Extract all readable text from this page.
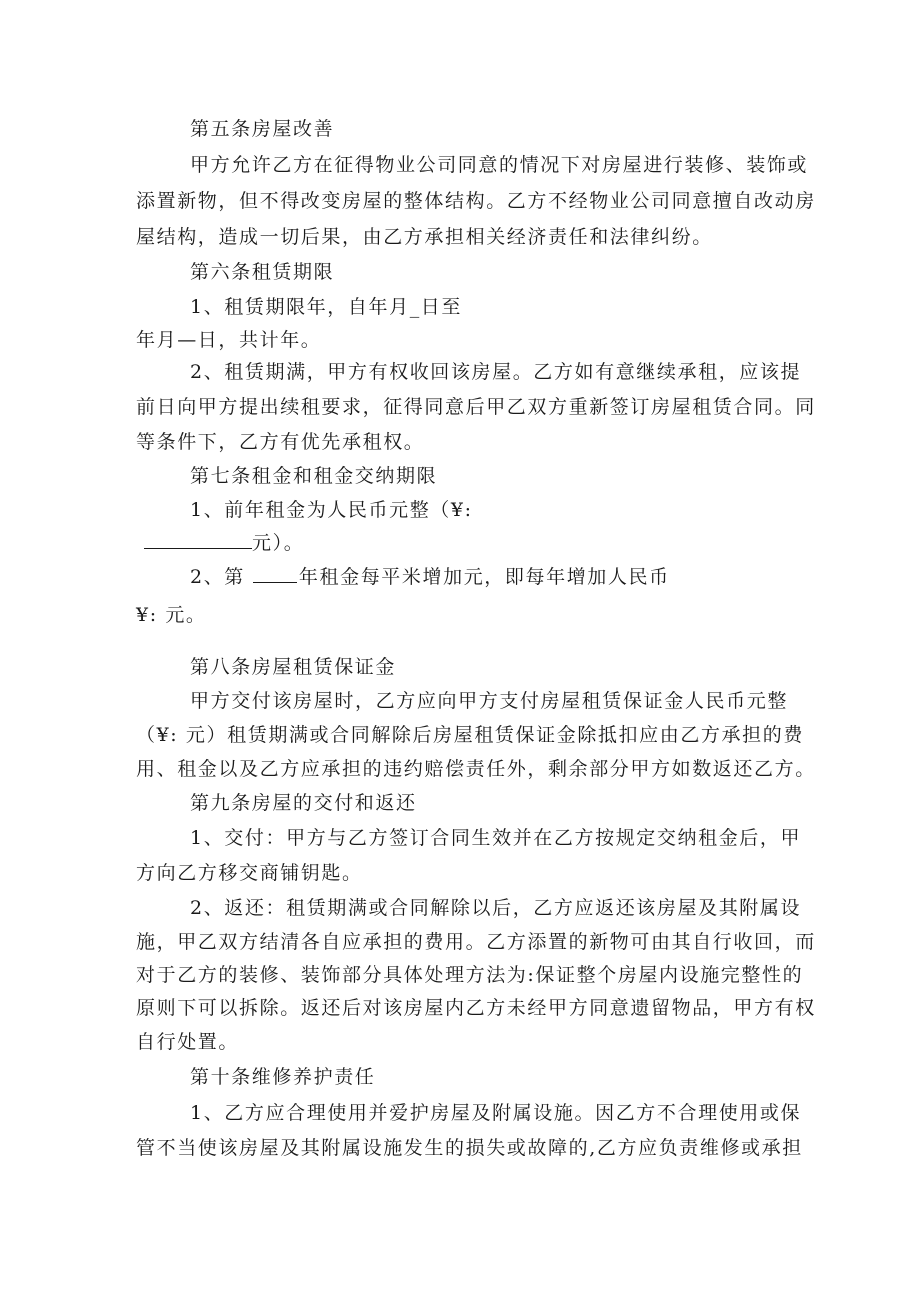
第五条房屋改善
甲方允许乙方在征得物业公司同意的情况下对房屋进行装修、装饰或
添置新物，但不得改变房屋的整体结构。乙方不经物业公司同意擅自改动房
屋结构，造成一切后果，由乙方承担相关经济责任和法律纠纷。
第六条租赁期限
1、租赁期限年，自年月_日至
年月—日，共计年。
2、租赁期满，甲方有权收回该房屋。乙方如有意继续承租，应该提
前日向甲方提出续租要求，征得同意后甲乙双方重新签订房屋租赁合同。同
等条件下，乙方有优先承租权。
第七条租金和租金交纳期限
1、前年租金为人民币元整（¥:
元）。
2、第	年租金每平米增加元，即每年增加人民币
¥: 元。
第八条房屋租赁保证金
甲方交付该房屋时，乙方应向甲方支付房屋租赁保证金人民币元整
（¥: 元）租赁期满或合同解除后房屋租赁保证金除抵扣应由乙方承担的费
用、租金以及乙方应承担的违约赔偿责任外，剩余部分甲方如数返还乙方。
第九条房屋的交付和返还
1、交付：甲方与乙方签订合同生效并在乙方按规定交纳租金后，甲
方向乙方移交商铺钥匙。
2、返还：租赁期满或合同解除以后，乙方应返还该房屋及其附属设
施，甲乙双方结清各自应承担的费用。乙方添置的新物可由其自行收回，而
对于乙方的装修、装饰部分具体处理方法为:保证整个房屋内设施完整性的
原则下可以拆除。返还后对该房屋内乙方未经甲方同意遗留物品，甲方有权
自行处置。
第十条维修养护责任
1、乙方应合理使用并爱护房屋及附属设施。因乙方不合理使用或保
管不当使该房屋及其附属设施发生的损失或故障的,乙方应负责维修或承担
